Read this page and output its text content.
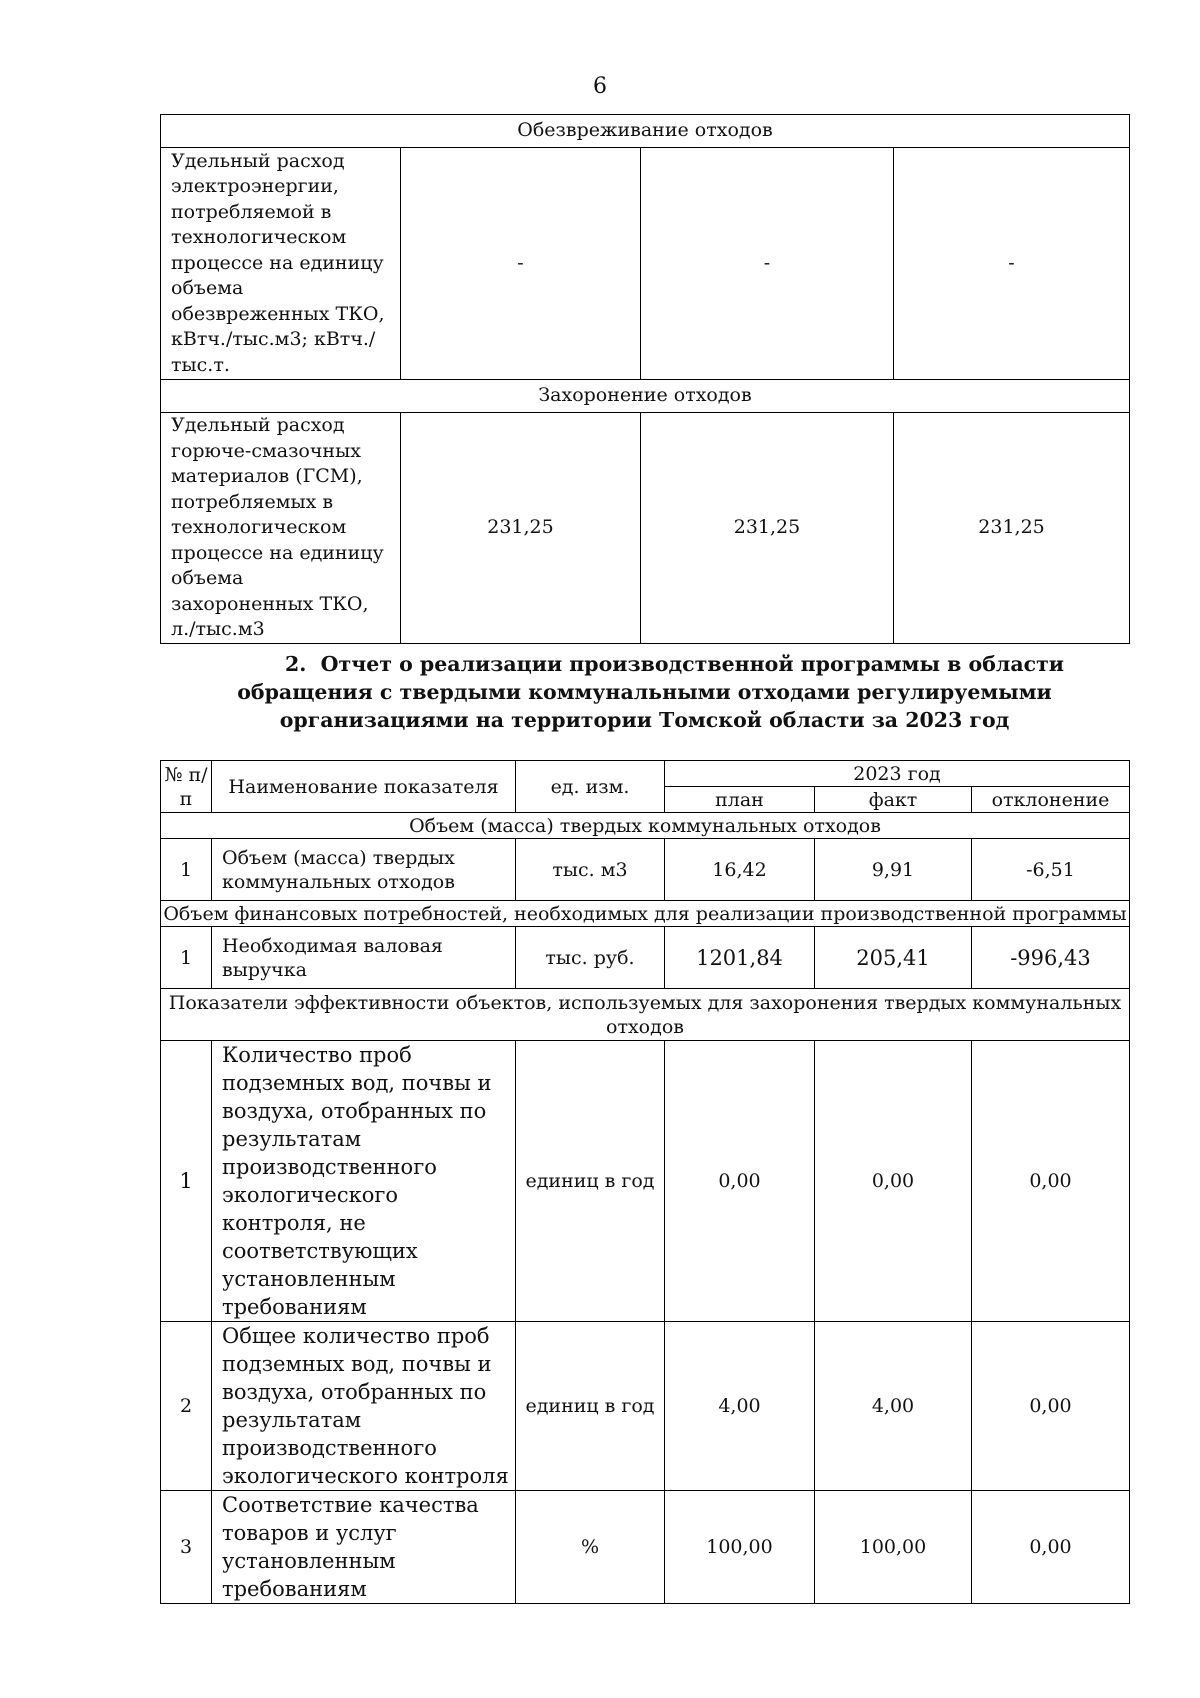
6
Обезвреживание отходов			
Удельный расход электроэнергии, потребляемой в технологическом процессе на единицу объема обезвреженных ТКО, кВтч./тыс.м3; кВтч./тыс.т.	-	-	-
Захоронение отходов			
Удельный расход горюче-смазочных материалов (ГСМ), потребляемых в технологическом процессе на единицу объема захороненных ТКО, л./тыс.м3	231,25	231,25	231,25
2. Отчет о реализации производственной программы в области обращения с твердыми коммунальными отходами регулируемыми организациями на территории Томской области за 2023 год
№ п/п	Наименование показателя	ед. изм.	2023 год		
			план	факт	отклонение
Объем (масса) твердых коммунальных отходов					
1	Объем (масса) твердых коммунальных отходов	тыс. м3	16,42	9,91	-6,51
Объем финансовых потребностей, необходимых для реализации производственной программы					
1	Необходимая валовая выручка	тыс. руб.	1201,84	205,41	-996,43
Показатели эффективности объектов, используемых для захоронения твердых коммунальных отходов					
1	Количество проб подземных вод, почвы и воздуха, отобранных по результатам производственного экологического контроля, не соответствующих установленным требованиям	единиц в год	0,00	0,00	0,00
2	Общее количество проб подземных вод, почвы и воздуха, отобранных по результатам производственного экологического контроля	единиц в год	4,00	4,00	0,00
3	Соответствие качества товаров и услуг установленным требованиям	%	100,00	100,00	0,00
